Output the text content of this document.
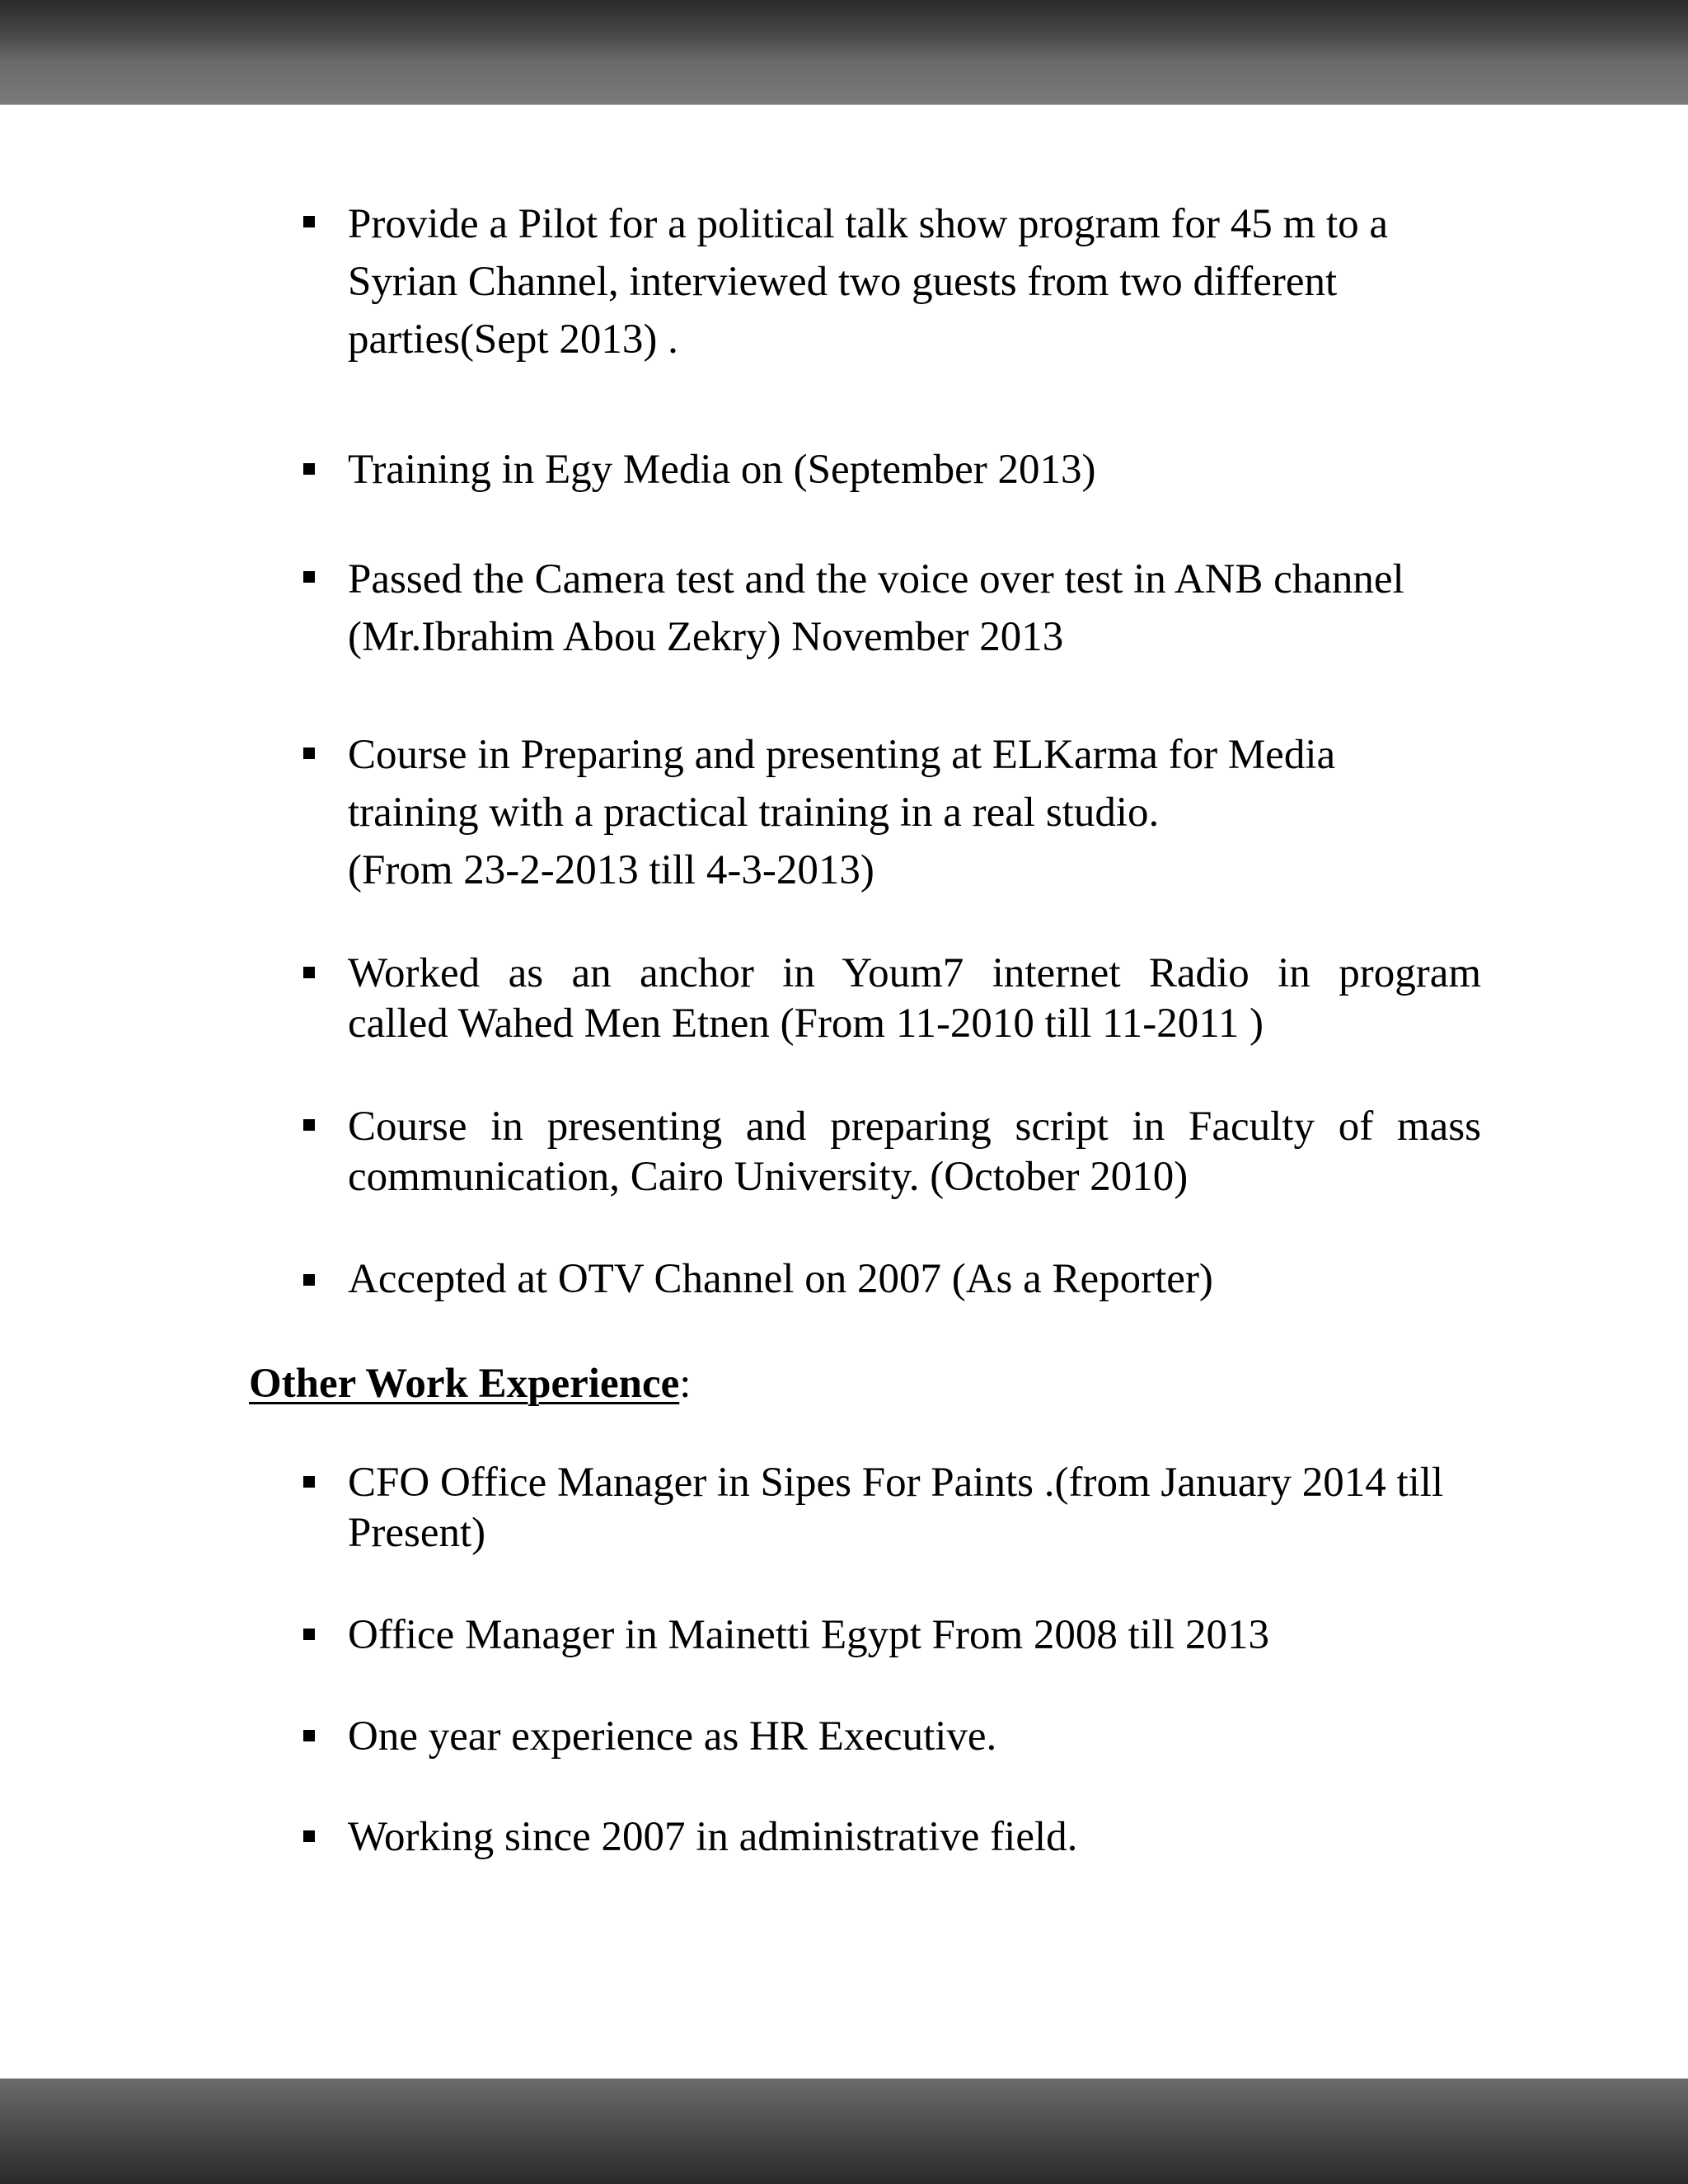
Provide a Pilot for a political talk show program for 45 m to a
Syrian Channel, interviewed two guests from two different
parties(Sept 2013) .
Training in Egy Media on (September 2013)
Passed the Camera test and the voice over test in ANB channel
(Mr.Ibrahim Abou Zekry) November 2013
Course in Preparing and presenting at ELKarma for Media
training with a practical training in a real studio.
(From 23-2-2013 till 4-3-2013)
Worked as an anchor in Youm7 internet Radio in program
called Wahed Men Etnen (From 11-2010 till 11-2011 )
Course in presenting and preparing script in Faculty of mass
communication, Cairo University. (October 2010)
Accepted at OTV Channel on 2007 (As a Reporter)
Other Work Experience:
CFO Office Manager in Sipes For Paints .(from January 2014 till
Present)
Office Manager in Mainetti Egypt From 2008 till 2013
One year experience as HR Executive.
Working since 2007 in administrative field.
